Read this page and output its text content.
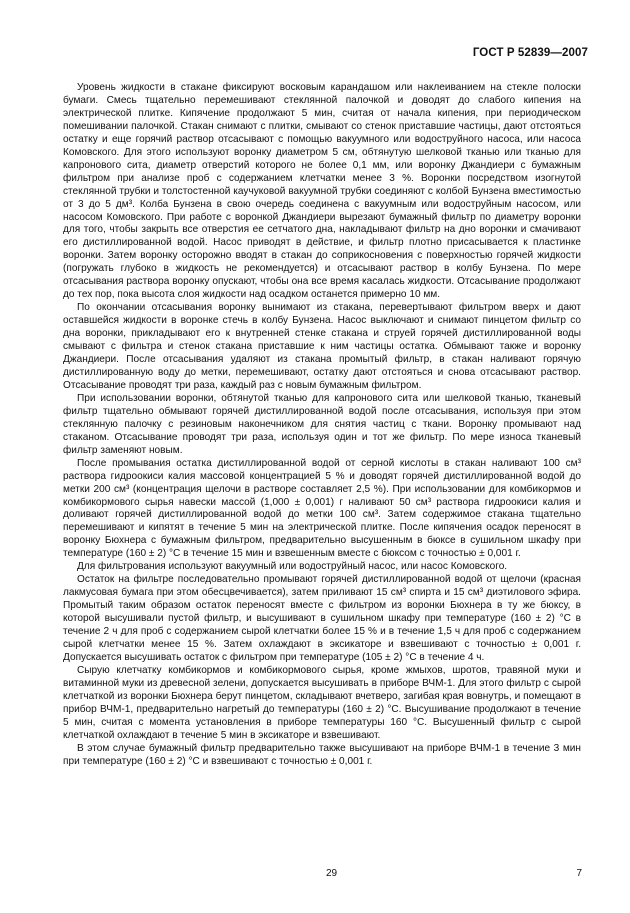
ГОСТ Р 52839—2007

Уровень жидкости в стакане фиксируют восковым карандашом или наклеиванием на стекле полоски бумаги. Смесь тщательно перемешивают стеклянной палочкой и доводят до слабого кипения на электрической плитке. Кипячение продолжают 5 мин, считая от начала кипения, при периодическом помешивании палочкой. Стакан снимают с плитки, смывают со стенок приставшие частицы, дают отстояться остатку и еще горячий раствор отсасывают с помощью вакуумного или водоструйного насоса, или насоса Комовского. Для этого используют воронку диаметром 5 см, обтянутую шелковой тканью или тканью для капронового сита, диаметр отверстий которого не более 0,1 мм, или воронку Джандиери с бумажным фильтром при анализе проб с содержанием клетчатки менее 3 %. Воронки посредством изогнутой стеклянной трубки и толстостенной каучуковой вакуумной трубки соединяют с колбой Бунзена вместимостью от 3 до 5 дм³. Колба Бунзена в свою очередь соединена с вакуумным или водоструйным насосом, или насосом Комовского. При работе с воронкой Джандиери вырезают бумажный фильтр по диаметру воронки для того, чтобы закрыть все отверстия ее сетчатого дна, накладывают фильтр на дно воронки и смачивают его дистиллированной водой. Насос приводят в действие, и фильтр плотно присасывается к пластинке воронки. Затем воронку осторожно вводят в стакан до соприкосновения с поверхностью горячей жидкости (погружать глубоко в жидкость не рекомендуется) и отсасывают раствор в колбу Бунзена. По мере отсасывания раствора воронку опускают, чтобы она все время касалась жидкости. Отсасывание продолжают до тех пор, пока высота слоя жидкости над осадком останется примерно 10 мм.

По окончании отсасывания воронку вынимают из стакана, перевертывают фильтром вверх и дают оставшейся жидкости в воронке стечь в колбу Бунзена. Насос выключают и снимают пинцетом фильтр со дна воронки, прикладывают его к внутренней стенке стакана и струей горячей дистиллированной воды смывают с фильтра и стенок стакана приставшие к ним частицы остатка. Обмывают также и воронку Джандиери. После отсасывания удаляют из стакана промытый фильтр, в стакан наливают горячую дистиллированную воду до метки, перемешивают, остатку дают отстояться и снова отсасывают раствор. Отсасывание проводят три раза, каждый раз с новым бумажным фильтром.

При использовании воронки, обтянутой тканью для капронового сита или шелковой тканью, тканевый фильтр тщательно обмывают горячей дистиллированной водой после отсасывания, используя при этом стеклянную палочку с резиновым наконечником для снятия частиц с ткани. Воронку промывают над стаканом. Отсасывание проводят три раза, используя один и тот же фильтр. По мере износа тканевый фильтр заменяют новым.

После промывания остатка дистиллированной водой от серной кислоты в стакан наливают 100 см³ раствора гидроокиси калия массовой концентрацией 5 % и доводят горячей дистиллированной водой до метки 200 см³ (концентрация щелочи в растворе составляет 2,5 %). При использовании для комбикормов и комбикормового сырья навески массой (1,000 ± 0,001) г наливают 50 см³ раствора гидроокиси калия и доливают горячей дистиллированной водой до метки 100 см³. Затем содержимое стакана тщательно перемешивают и кипятят в течение 5 мин на электрической плитке. После кипячения осадок переносят в воронку Бюхнера с бумажным фильтром, предварительно высушенным в бюксе в сушильном шкафу при температуре (160 ± 2) °С в течение 15 мин и взвешенным вместе с бюксом с точностью ± 0,001 г.

Для фильтрования используют вакуумный или водоструйный насос, или насос Комовского.

Остаток на фильтре последовательно промывают горячей дистиллированной водой от щелочи (красная лакмусовая бумага при этом обесцвечивается), затем приливают 15 см³ спирта и 15 см³ диэтилового эфира. Промытый таким образом остаток переносят вместе с фильтром из воронки Бюхнера в ту же бюксу, в которой высушивали пустой фильтр, и высушивают в сушильном шкафу при температуре (160 ± 2) °С в течение 2 ч для проб с содержанием сырой клетчатки более 15 % и в течение 1,5 ч для проб с содержанием сырой клетчатки менее 15 %. Затем охлаждают в эксикаторе и взвешивают с точностью ± 0,001 г. Допускается высушивать остаток с фильтром при температуре (105 ± 2) °С в течение 4 ч.

Сырую клетчатку комбикормов и комбикормового сырья, кроме жмыхов, шротов, травяной муки и витаминной муки из древесной зелени, допускается высушивать в приборе ВЧМ-1. Для этого фильтр с сырой клетчаткой из воронки Бюхнера берут пинцетом, складывают вчетверо, загибая края вовнутрь, и помещают в прибор ВЧМ-1, предварительно нагретый до температуры (160 ± 2) °С. Высушивание продолжают в течение 5 мин, считая с момента установления в приборе температуры 160 °С. Высушенный фильтр с сырой клетчаткой охлаждают в течение 5 мин в эксикаторе и взвешивают.

В этом случае бумажный фильтр предварительно также высушивают на приборе ВЧМ-1 в течение 3 мин при температуре (160 ± 2) °С и взвешивают с точностью ± 0,001 г.

29	7
